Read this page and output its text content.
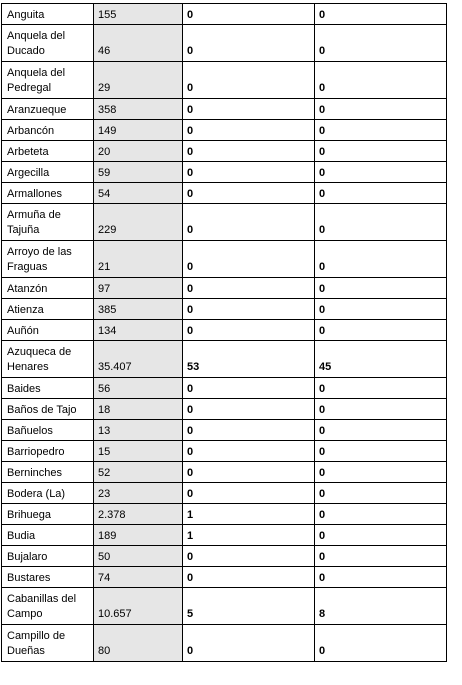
Anguita	155	0	0
Anquela del Ducado	46	0	0
Anquela del Pedregal	29	0	0
Aranzueque	358	0	0
Arbancón	149	0	0
Arbeteta	20	0	0
Argecilla	59	0	0
Armallones	54	0	0
Armuña de Tajuña	229	0	0
Arroyo de las Fraguas	21	0	0
Atanzón	97	0	0
Atienza	385	0	0
Auñón	134	0	0
Azuqueca de Henares	35.407	53	45
Baides	56	0	0
Baños de Tajo	18	0	0
Bañuelos	13	0	0
Barriopedro	15	0	0
Berninches	52	0	0
Bodera (La)	23	0	0
Brihuega	2.378	1	0
Budia	189	1	0
Bujalaro	50	0	0
Bustares	74	0	0
Cabanillas del Campo	10.657	5	8
Campillo de Dueñas	80	0	0
